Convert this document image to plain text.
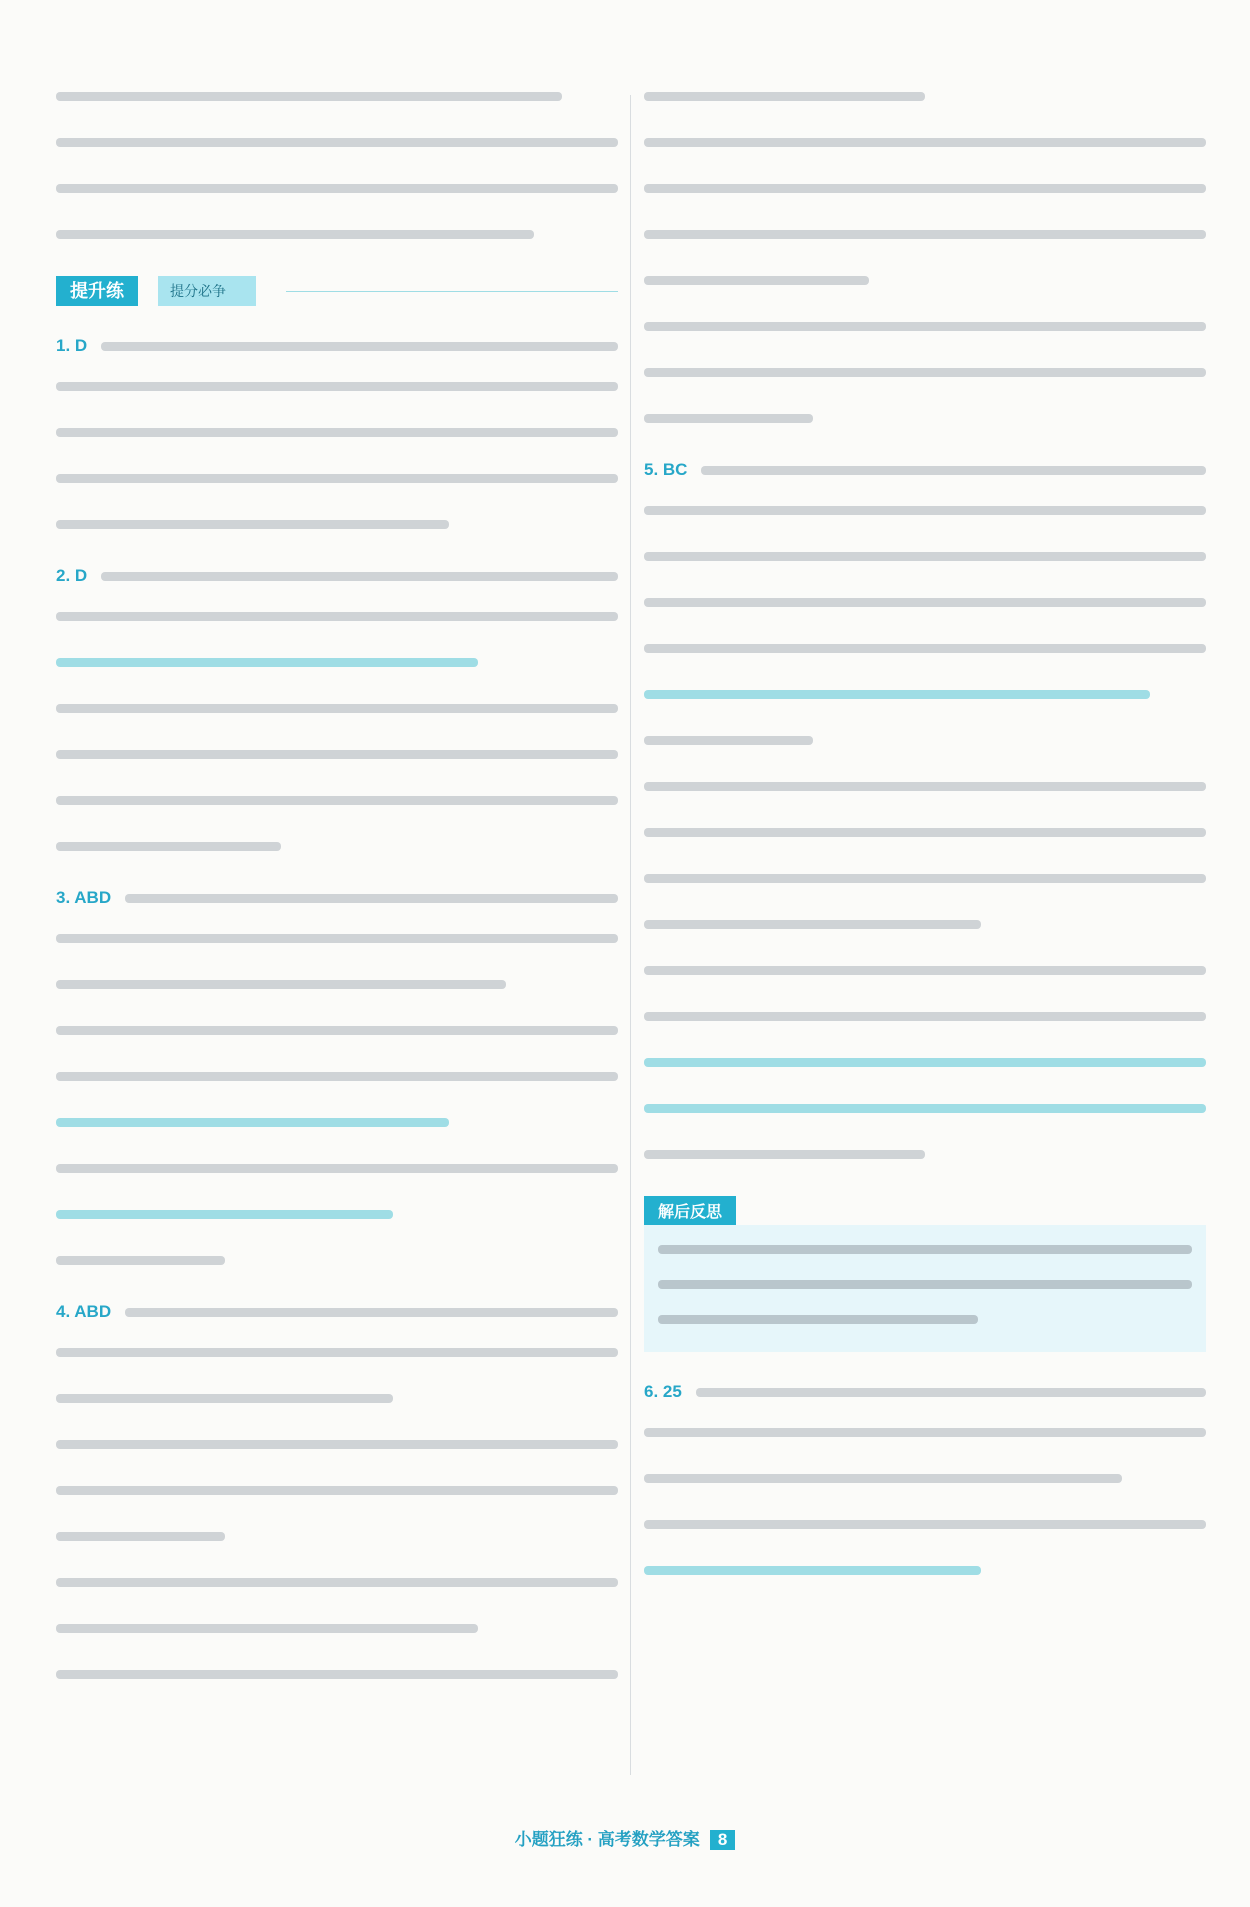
提升练	提分必争
1. D
2. D
3. ABD
4. ABD
5. BC
解后反思
6. 25
小题狂练 · 高考数学答案 8
